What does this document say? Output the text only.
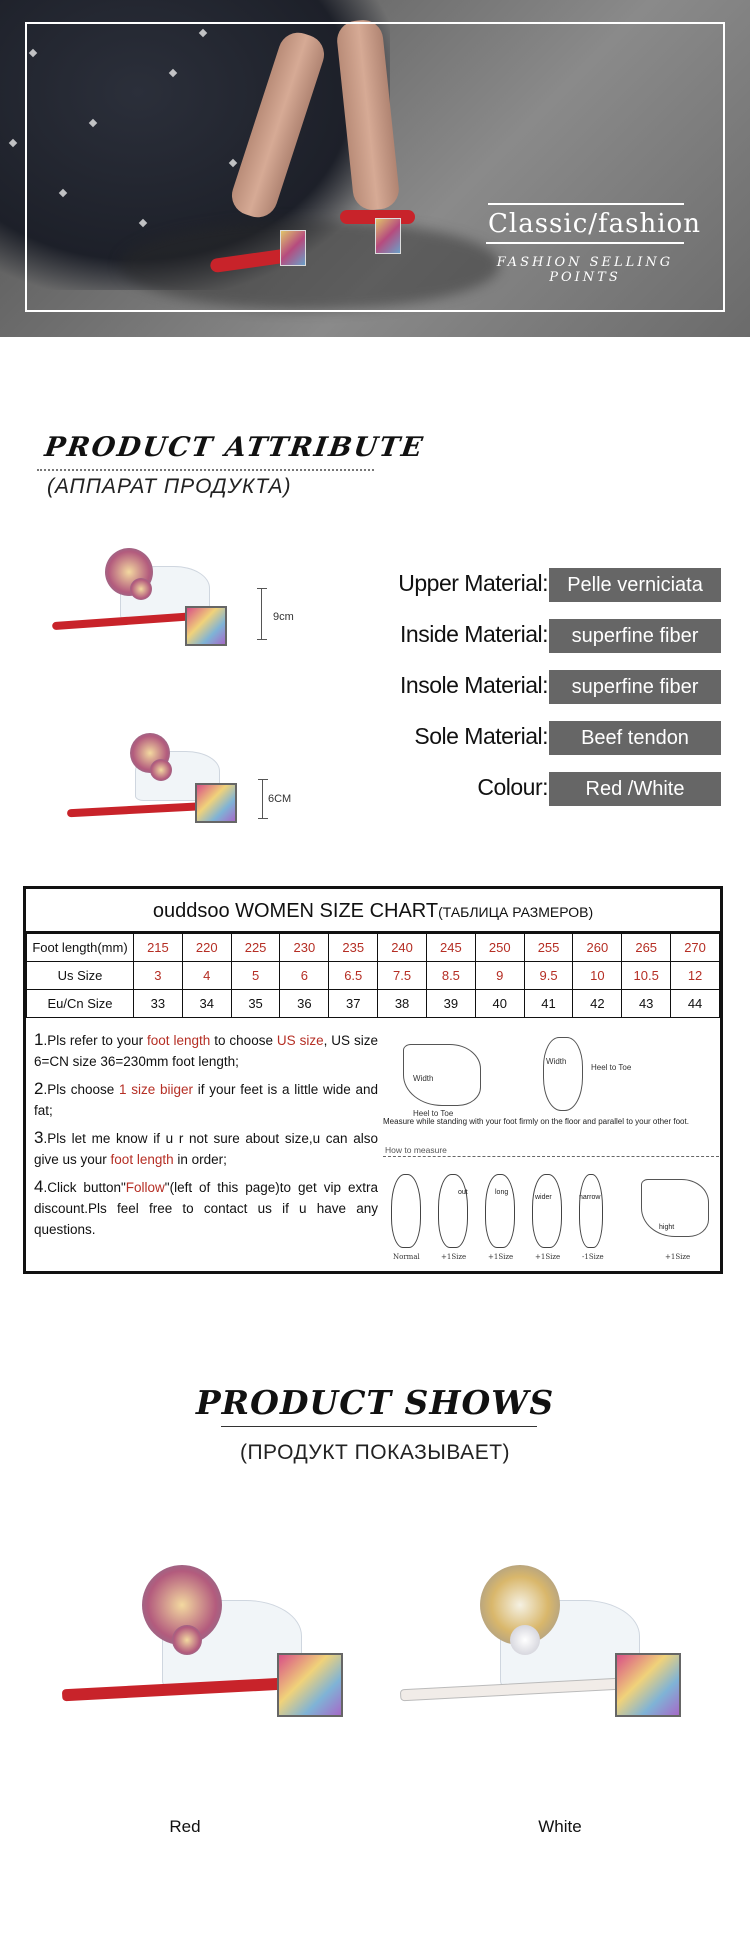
Classic/fashion
FASHION SELLING POINTS
PRODUCT ATTRIBUTE
(АППАРАТ ПРОДУКТА)
9cm
6CM
Upper Material: Pelle verniciata
Inside Material:	superfine fiber
Insole Material:	superfine fiber
Sole Material:	Beef tendon
Colour:	Red /White
ouddsoo WOMEN SIZE CHART(ТАБЛИЦА РАЗМЕРОВ)
Foot length(mm)	215	220	225	230	235	240	245	250	255	260	265	270
Us Size	3	4	5	6	6.5	7.5	8.5	9	9.5	10	10.5	12
Eu/Cn Size	33	34	35	36	37	38	39	40	41	42	43	44

1.Pls refer to your foot length to choose US size, US size 6=CN size 36=230mm foot length;

2.Pls choose 1 size biiger if your feet is a little wide and fat;

3.Pls let me know if u r not sure about size,u can also give us your foot length in order;

4.Click button"Follow"(left of this page)to get vip extra discount.Pls feel free to contact us if u have any questions.

Width
Heel to Toe
Width
Heel to Toe
Measure while standing with your foot firmly on the floor and parallel to your other foot.
How to measure
out	long
wider	narrow
hight
Normal	+1Size	+1Size	+1Size	-1Size	+1Size
PRODUCT SHOWS
(ПРОДУКТ ПОКАЗЫВАЕТ)
Red	White
